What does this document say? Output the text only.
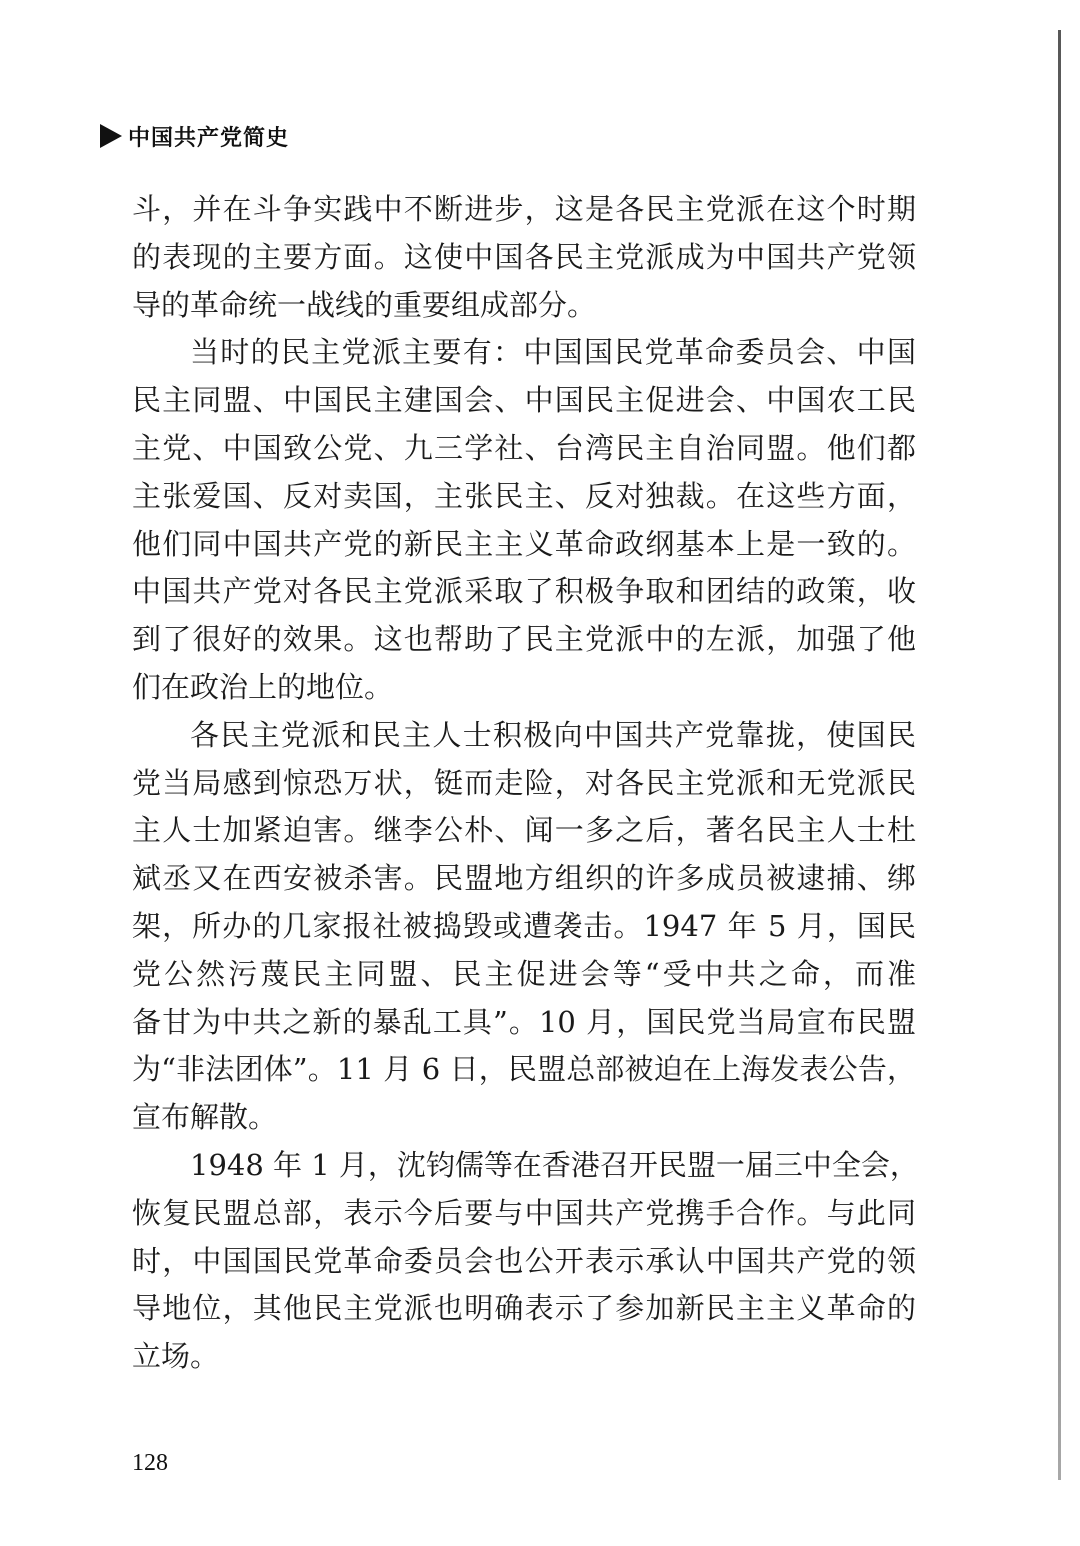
中国共产党简史
斗，并在斗争实践中不断进步，这是各民主党派在这个时期
的表现的主要方面。这使中国各民主党派成为中国共产党领
导的革命统一战线的重要组成部分。
当时的民主党派主要有：中国国民党革命委员会、中国
民主同盟、中国民主建国会、中国民主促进会、中国农工民
主党、中国致公党、九三学社、台湾民主自治同盟。他们都
主张爱国、反对卖国，主张民主、反对独裁。在这些方面，
他们同中国共产党的新民主主义革命政纲基本上是一致的。
中国共产党对各民主党派采取了积极争取和团结的政策，收
到了很好的效果。这也帮助了民主党派中的左派，加强了他
们在政治上的地位。
各民主党派和民主人士积极向中国共产党靠拢，使国民
党当局感到惊恐万状，铤而走险，对各民主党派和无党派民
主人士加紧迫害。继李公朴、闻一多之后，著名民主人士杜
斌丞又在西安被杀害。民盟地方组织的许多成员被逮捕、绑
架，所办的几家报社被捣毁或遭袭击。1947 年 5 月，国民
党公然污蔑民主同盟、民主促进会等“受中共之命，而准
备甘为中共之新的暴乱工具”。10 月，国民党当局宣布民盟
为“非法团体”。11 月 6 日，民盟总部被迫在上海发表公告，
宣布解散。
1948 年 1 月，沈钧儒等在香港召开民盟一届三中全会，
恢复民盟总部，表示今后要与中国共产党携手合作。与此同
时，中国国民党革命委员会也公开表示承认中国共产党的领
导地位，其他民主党派也明确表示了参加新民主主义革命的
立场。
128
